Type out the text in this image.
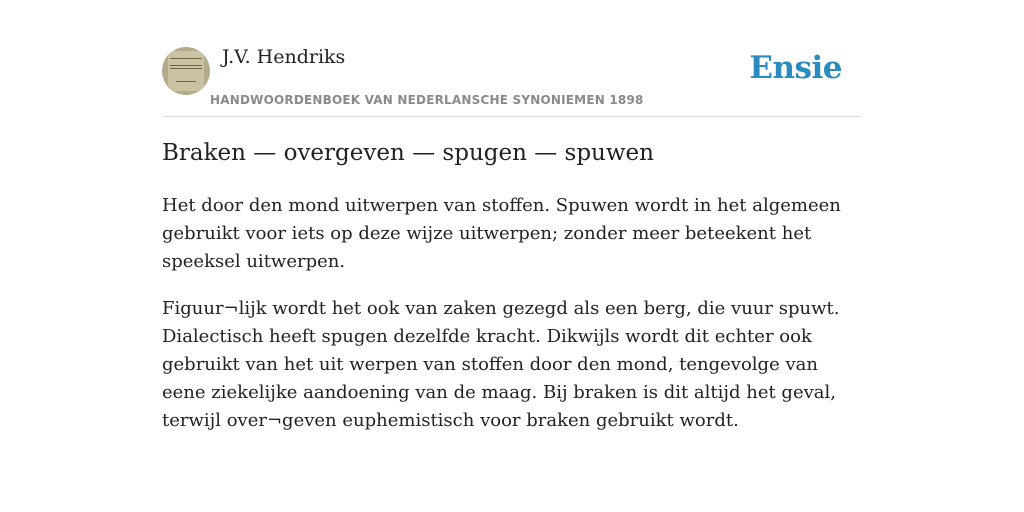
J.V. Hendriks
HANDWOORDENBOEK VAN NEDERLANSCHE SYNONIEMEN 1898
Ensie
Braken — overgeven — spugen — spuwen

Het door den mond uitwerpen van stoffen. Spuwen wordt in het algemeen gebruikt voor iets op deze wijze uitwerpen; zonder meer beteekent het speeksel uitwerpen.

Figuur¬lijk wordt het ook van zaken gezegd als een berg, die vuur spuwt. Dialectisch heeft spugen dezelfde kracht. Dikwijls wordt dit echter ook gebruikt van het uit werpen van stoffen door den mond, tengevolge van eene ziekelijke aandoening van de maag. Bij braken is dit altijd het geval, terwijl over¬geven euphemistisch voor braken gebruikt wordt.
